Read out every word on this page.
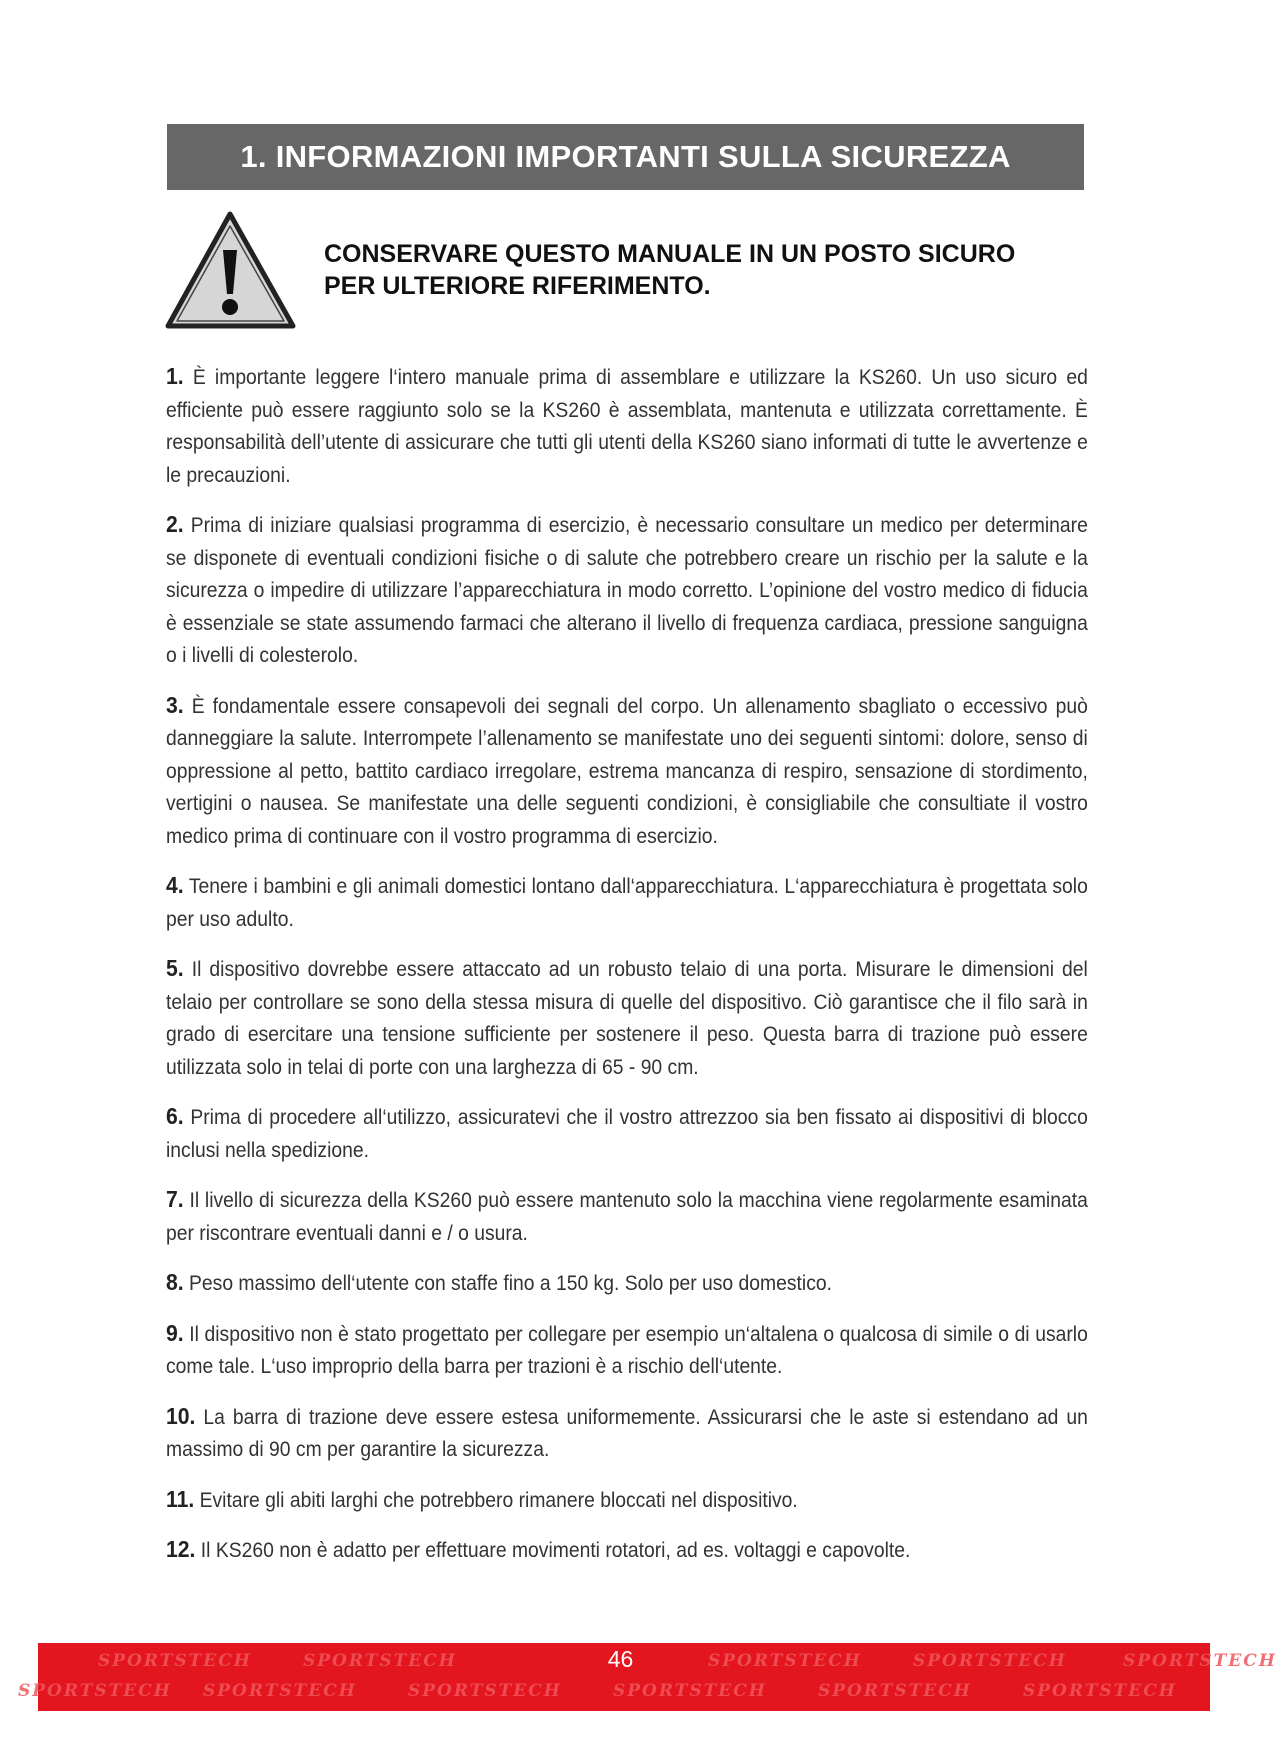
1. INFORMAZIONI IMPORTANTI SULLA SICUREZZA
CONSERVARE QUESTO MANUALE IN UN POSTO SICURO
PER ULTERIORE RIFERIMENTO.

1. È importante leggere l‘intero manuale prima di assemblare e utilizzare la KS260. Un uso sicuro ed efficiente può essere raggiunto solo se la KS260 è assemblata, mantenuta e utilizzata correttamente. È responsabilità dell’utente di assicurare che tutti gli utenti della KS260 siano informati di tutte le avvertenze e le precauzioni.

2. Prima di iniziare qualsiasi programma di esercizio, è necessario consultare un medico per determinare se disponete di eventuali condizioni fisiche o di salute che potrebbero creare un rischio per la salute e la sicurezza o impedire di utilizzare l’apparecchiatura in modo corretto. L’opinione del vostro medico di fiducia è essenziale se state assumendo farmaci che alterano il livello di frequenza cardiaca, pressione sanguigna o i livelli di colesterolo.

3. È fondamentale essere consapevoli dei segnali del corpo. Un allenamento sbagliato o eccessivo può danneggiare la salute. Interrompete l’allenamento se manifestate uno dei seguenti sintomi: dolore, senso di oppressione al petto, battito cardiaco irregolare, estrema mancanza di respiro, sensazione di stordimento, vertigini o nausea. Se manifestate una delle seguenti condizioni, è consigliabile che consultiate il vostro medico prima di continuare con il vostro programma di esercizio.

4. Tenere i bambini e gli animali domestici lontano dall‘apparecchiatura. L‘apparecchiatura è progettata solo per uso adulto.

5. Il dispositivo dovrebbe essere attaccato ad un robusto telaio di una porta. Misurare le dimensioni del telaio per controllare se sono della stessa misura di quelle del dispositivo. Ciò garantisce che il filo sarà in grado di esercitare una tensione sufficiente per sostenere il peso. Questa barra di trazione può essere utilizzata solo in telai di porte con una larghezza di 65 - 90 cm.

6. Prima di procedere all‘utilizzo, assicuratevi che il vostro attrezzoo sia ben fissato ai dispositivi di blocco inclusi nella spedizione.

7. Il livello di sicurezza della KS260 può essere mantenuto solo la macchina viene regolarmente esaminata per riscontrare eventuali danni e / o usura.

8. Peso massimo dell‘utente con staffe fino a 150 kg. Solo per uso domestico.

9. Il dispositivo non è stato progettato per collegare per esempio un‘altalena o qualcosa di simile o di usarlo come tale. L‘uso improprio della barra per trazioni è a rischio dell‘utente.

10. La barra di trazione deve essere estesa uniformemente. Assicurarsi che le aste si estendano ad un massimo di 90 cm per garantire la sicurezza.

11. Evitare gli abiti larghi che potrebbero rimanere bloccati nel dispositivo.

12. Il KS260 non è adatto per effettuare movimenti rotatori, ad es. voltaggi e capovolte.

SPORTSTECH	SPORTSTECH	SPORTSTECH	SPORTSTECH	SPORTSTECH
SPORTSTECH SPORTSTECH	SPORTSTECH	SPORTSTECH	SPORTSTECH	SPORTSTECH
46
